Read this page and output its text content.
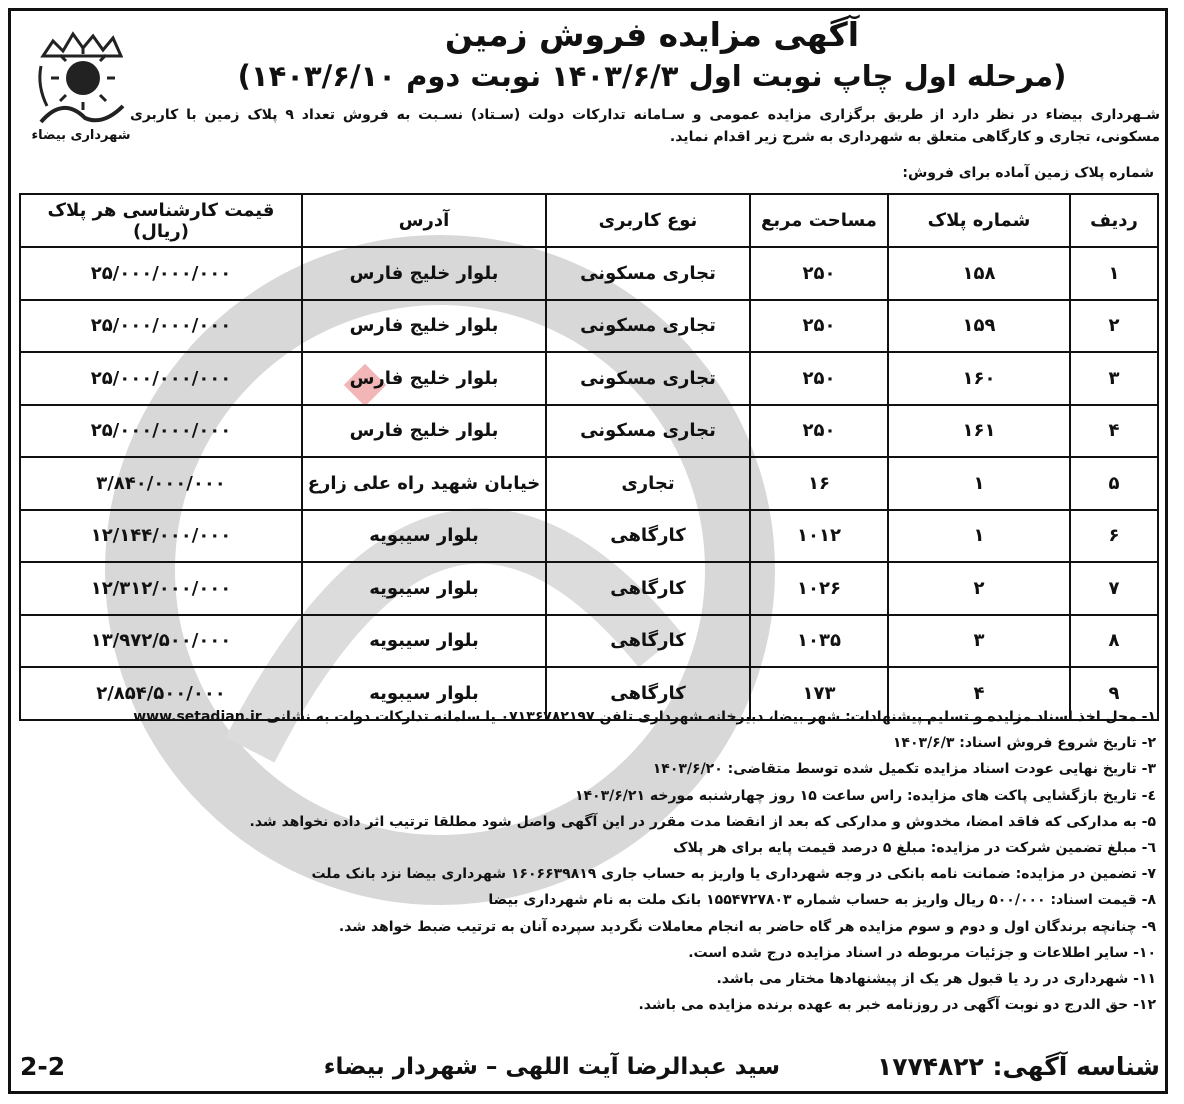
شهرداری بیضاء
آگهی مزایده فروش زمین
(مرحله اول چاپ نوبت اول ۱۴۰۳/۶/۳ نوبت دوم ۱۴۰۳/۶/۱۰)
شـهرداری بیضاء در نظر دارد از طریق برگزاری مزایده عمومی و سـامانه تدارکات دولت (سـتاد) نسـبت به فروش تعداد ۹ پلاک زمین با کاربری مسکونی، تجاری و کارگاهی متعلق به شهرداری به شرح زیر اقدام نماید.
شماره پلاک زمین آماده برای فروش:
ردیف	شماره پلاک	مساحت مربع	نوع کاربری	آدرس	قیمت کارشناسی هر پلاک (ریال)
۱	۱۵۸	۲۵۰	تجاری مسکونی	بلوار خلیج فارس	۲۵/۰۰۰/۰۰۰/۰۰۰
۲	۱۵۹	۲۵۰	تجاری مسکونی	بلوار خلیج فارس	۲۵/۰۰۰/۰۰۰/۰۰۰
۳	۱۶۰	۲۵۰	تجاری مسکونی	بلوار خلیج فارس	۲۵/۰۰۰/۰۰۰/۰۰۰
۴	۱۶۱	۲۵۰	تجاری مسکونی	بلوار خلیج فارس	۲۵/۰۰۰/۰۰۰/۰۰۰
۵	۱	۱۶	تجاری	خیابان شهید راه علی زارع	۳/۸۴۰/۰۰۰/۰۰۰
۶	۱	۱۰۱۲	کارگاهی	بلوار سیبویه	۱۲/۱۴۴/۰۰۰/۰۰۰
۷	۲	۱۰۲۶	کارگاهی	بلوار سیبویه	۱۲/۳۱۲/۰۰۰/۰۰۰
۸	۳	۱۰۳۵	کارگاهی	بلوار سیبویه	۱۳/۹۷۲/۵۰۰/۰۰۰
۹	۴	۱۷۳	کارگاهی	بلوار سیبویه	۲/۸۵۴/۵۰۰/۰۰۰
۱- محل اخذ اسناد مزایده و تسلیم پیشنهادات: شهر بیضا، دبیرخانه شهرداری تلفن ۰۷۱۳۶۷۸۲۱۹۷ یا سامانه تدارکات دولت به نشانی www.setadian.ir
۲- تاریخ شروع فروش اسناد: ۱۴۰۳/۶/۳
۳- تاریخ نهایی عودت اسناد مزایده تکمیل شده توسط متقاضی: ۱۴۰۳/۶/۲۰
٤- تاریخ بازگشایی پاکت های مزایده: راس ساعت ۱۵ روز چهارشنبه مورخه ۱۴۰۳/۶/۲۱
۵- به مدارکی که فاقد امضا، مخدوش و مدارکی که بعد از انقضا مدت مقرر در این آگهی واصل شود مطلقا ترتیب اثر داده نخواهد شد.
٦- مبلغ تضمین شرکت در مزایده: مبلغ ۵ درصد قیمت پایه برای هر پلاک
۷- تضمین در مزایده: ضمانت نامه بانکی در وجه شهرداری یا واریز به حساب جاری ۱۶۰۶۶۳۹۸۱۹ شهرداری بیضا نزد بانک ملت
۸- قیمت اسناد: ۵۰۰/۰۰۰ ریال واریز به حساب شماره ۱۵۵۴۷۲۷۸۰۳ بانک ملت به نام شهرداری بیضا
۹- چنانچه برندگان اول و دوم و سوم مزایده هر گاه حاضر به انجام معاملات نگردید سپرده آنان به ترتیب ضبط خواهد شد.
۱۰- سایر اطلاعات و جزئیات مربوطه در اسناد مزایده درج شده است.
۱۱- شهرداری در رد یا قبول هر یک از پیشنهادها مختار می باشد.
۱۲- حق الدرج دو نوبت آگهی در روزنامه خبر به عهده برنده مزایده می باشد.
شناسه آگهی: ۱۷۷۴۸۲۲
سید عبدالرضا آیت اللهی – شهردار بیضاء
2-2
